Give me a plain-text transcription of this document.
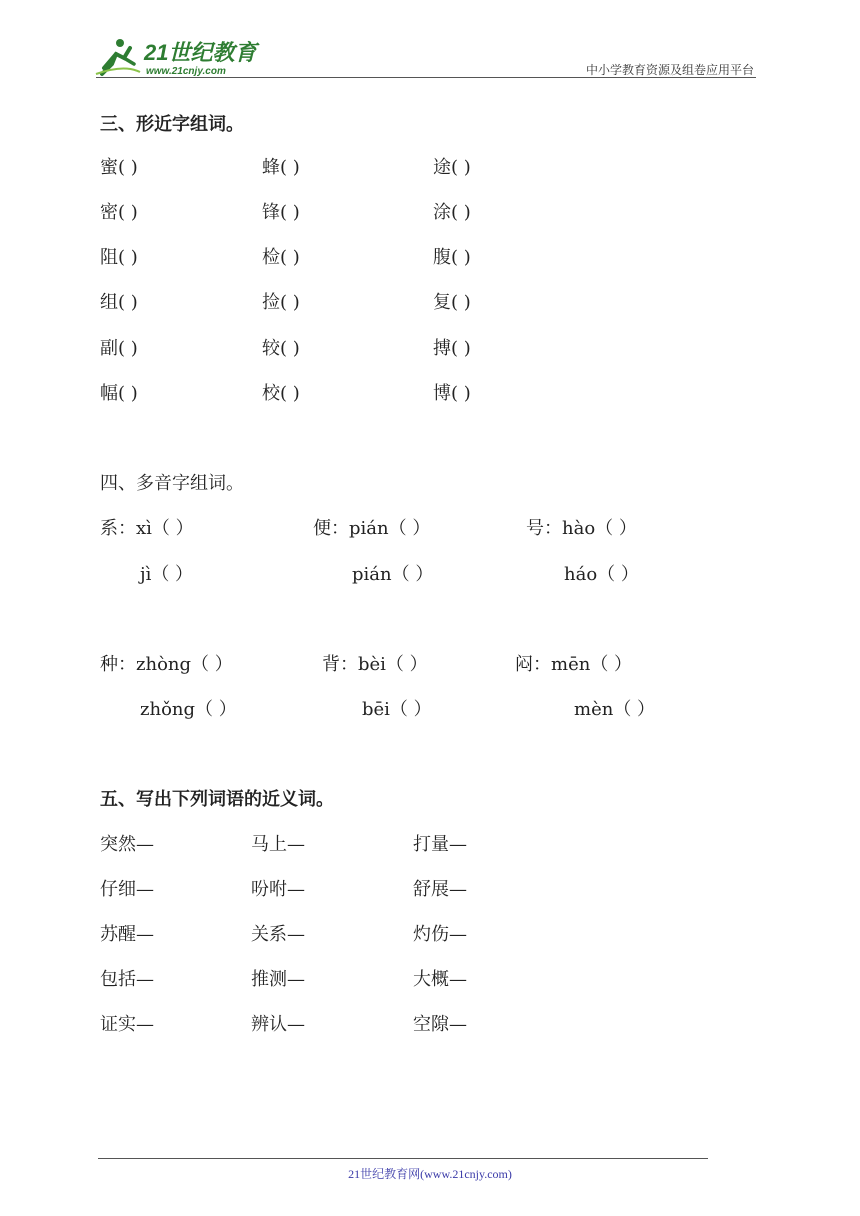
21世纪教育
www.21cnjy.com	中小学教育资源及组卷应用平台
三、形近字组词。
蜜( )	蜂( )	途( )
密( )	锋( )	涂( )
阻( )	检( )	腹( )
组( )	捡( )	复( )
副( )	较( )	搏( )
幅( )	校( )	博( )
四、多音字组词。
系：xì（ ）	便：pián（ ）	号：hào（ ）
jì（ ）	pián（ ）	háo（ ）
种：zhòng（ ）	背：bèi（ ）	闷：mēn（ ）
zhǒng（ ）	bēi（ ）	mèn（ ）
五、写出下列词语的近义词。
突然—	马上—	打量—
仔细—	吩咐—	舒展—
苏醒—	关系—	灼伤—
包括—	推测—	大概—
证实—	辨认—	空隙—
21世纪教育网(www.21cnjy.com)
